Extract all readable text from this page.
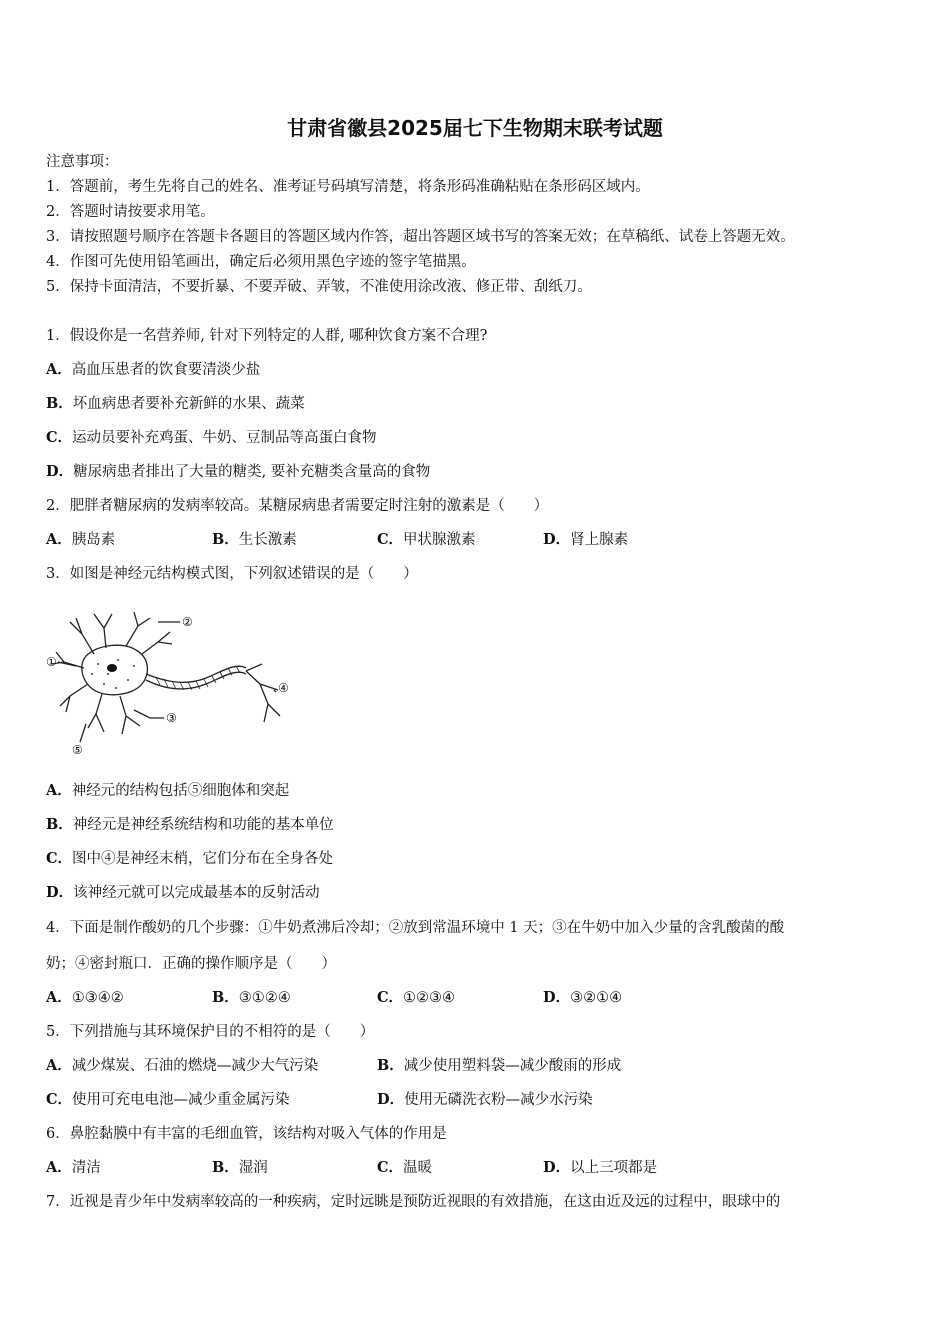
甘肃省徽县2025届七下生物期末联考试题
注意事项：
1．答题前，考生先将自己的姓名、准考证号码填写清楚，将条形码准确粘贴在条形码区域内。
2．答题时请按要求用笔。
3．请按照题号顺序在答题卡各题目的答题区域内作答，超出答题区域书写的答案无效；在草稿纸、试卷上答题无效。
4．作图可先使用铅笔画出，确定后必须用黑色字迹的签字笔描黑。
5．保持卡面清洁，不要折暴、不要弄破、弄皱，不准使用涂改液、修正带、刮纸刀。
1．假设你是一名营养师, 针对下列特定的人群, 哪种饮食方案不合理?
A．高血压患者的饮食要清淡少盐
B．坏血病患者要补充新鲜的水果、蔬菜
C．运动员要补充鸡蛋、牛奶、豆制品等高蛋白食物
D．糖尿病患者排出了大量的糖类, 要补充糖类含量高的食物
2．肥胖者糖尿病的发病率较高。某糖尿病患者需要定时注射的激素是（　　）
A．胰岛素	B．生长激素	C．甲状腺激素	D．肾上腺素
3．如图是神经元结构模式图，下列叙述错误的是（　　）
②
①
③
④
⑤
A．神经元的结构包括⑤细胞体和突起
B．神经元是神经系统结构和功能的基本单位
C．图中④是神经末梢，它们分布在全身各处
D．该神经元就可以完成最基本的反射活动
4．下面是制作酸奶的几个步骤：①牛奶煮沸后冷却；②放到常温环境中 1 天；③在牛奶中加入少量的含乳酸菌的酸
奶；④密封瓶口．正确的操作顺序是（　　）
A．①③④②	B．③①②④	C．①②③④	D．③②①④
5．下列措施与其环境保护目的不相符的是（　　）
A．减少煤炭、石油的燃烧—减少大气污染	B．减少使用塑料袋—减少酸雨的形成
C．使用可充电电池—减少重金属污染	D．使用无磷洗衣粉—减少水污染
6．鼻腔黏膜中有丰富的毛细血管，该结构对吸入气体的作用是
A．清洁	B．湿润	C．温暖	D．以上三项都是
7．近视是青少年中发病率较高的一种疾病，定时远眺是预防近视眼的有效措施，在这由近及远的过程中，眼球中的
